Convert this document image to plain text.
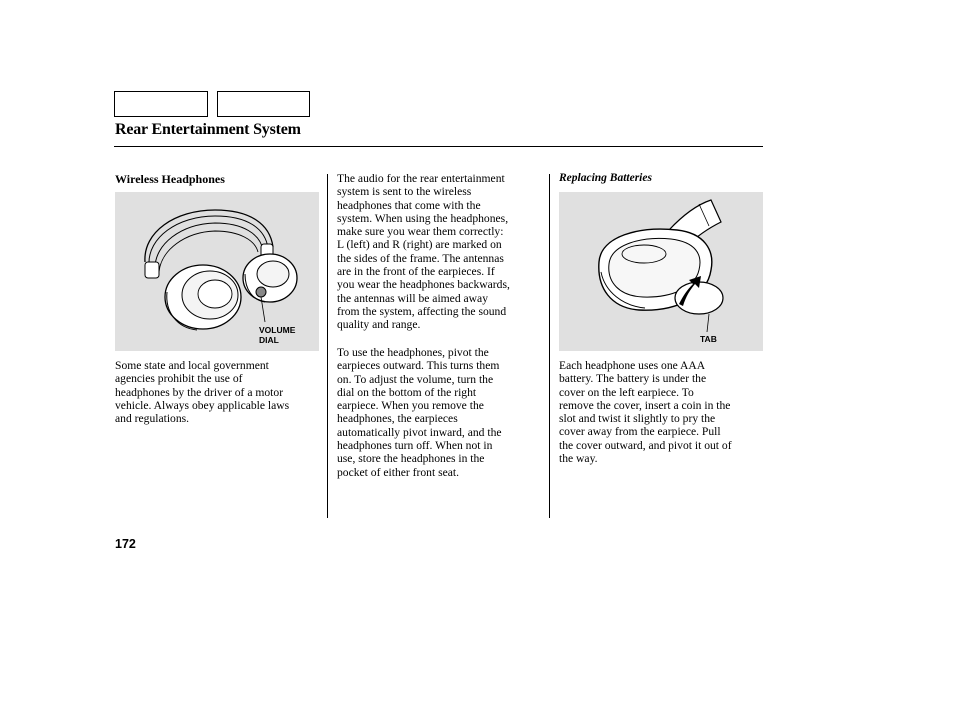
Rear Entertainment System
Wireless Headphones
VOLUME
DIAL

Some state and local government
agencies prohibit the use of
headphones by the driver of a motor
vehicle. Always obey applicable laws
and regulations.

The audio for the rear entertainment
system is sent to the wireless
headphones that come with the
system. When using the headphones,
make sure you wear them correctly:
L (left) and R (right) are marked on
the sides of the frame. The antennas
are in the front of the earpieces. If
you wear the headphones backwards,
the antennas will be aimed away
from the system, affecting the sound
quality and range.

To use the headphones, pivot the
earpieces outward. This turns them
on. To adjust the volume, turn the
dial on the bottom of the right
earpiece. When you remove the
headphones, the earpieces
automatically pivot inward, and the
headphones turn off. When not in
use, store the headphones in the
pocket of either front seat.

Replacing Batteries
TAB

Each headphone uses one AAA
battery. The battery is under the
cover on the left earpiece. To
remove the cover, insert a coin in the
slot and twist it slightly to pry the
cover away from the earpiece. Pull
the cover outward, and pivot it out of
the way.

172
